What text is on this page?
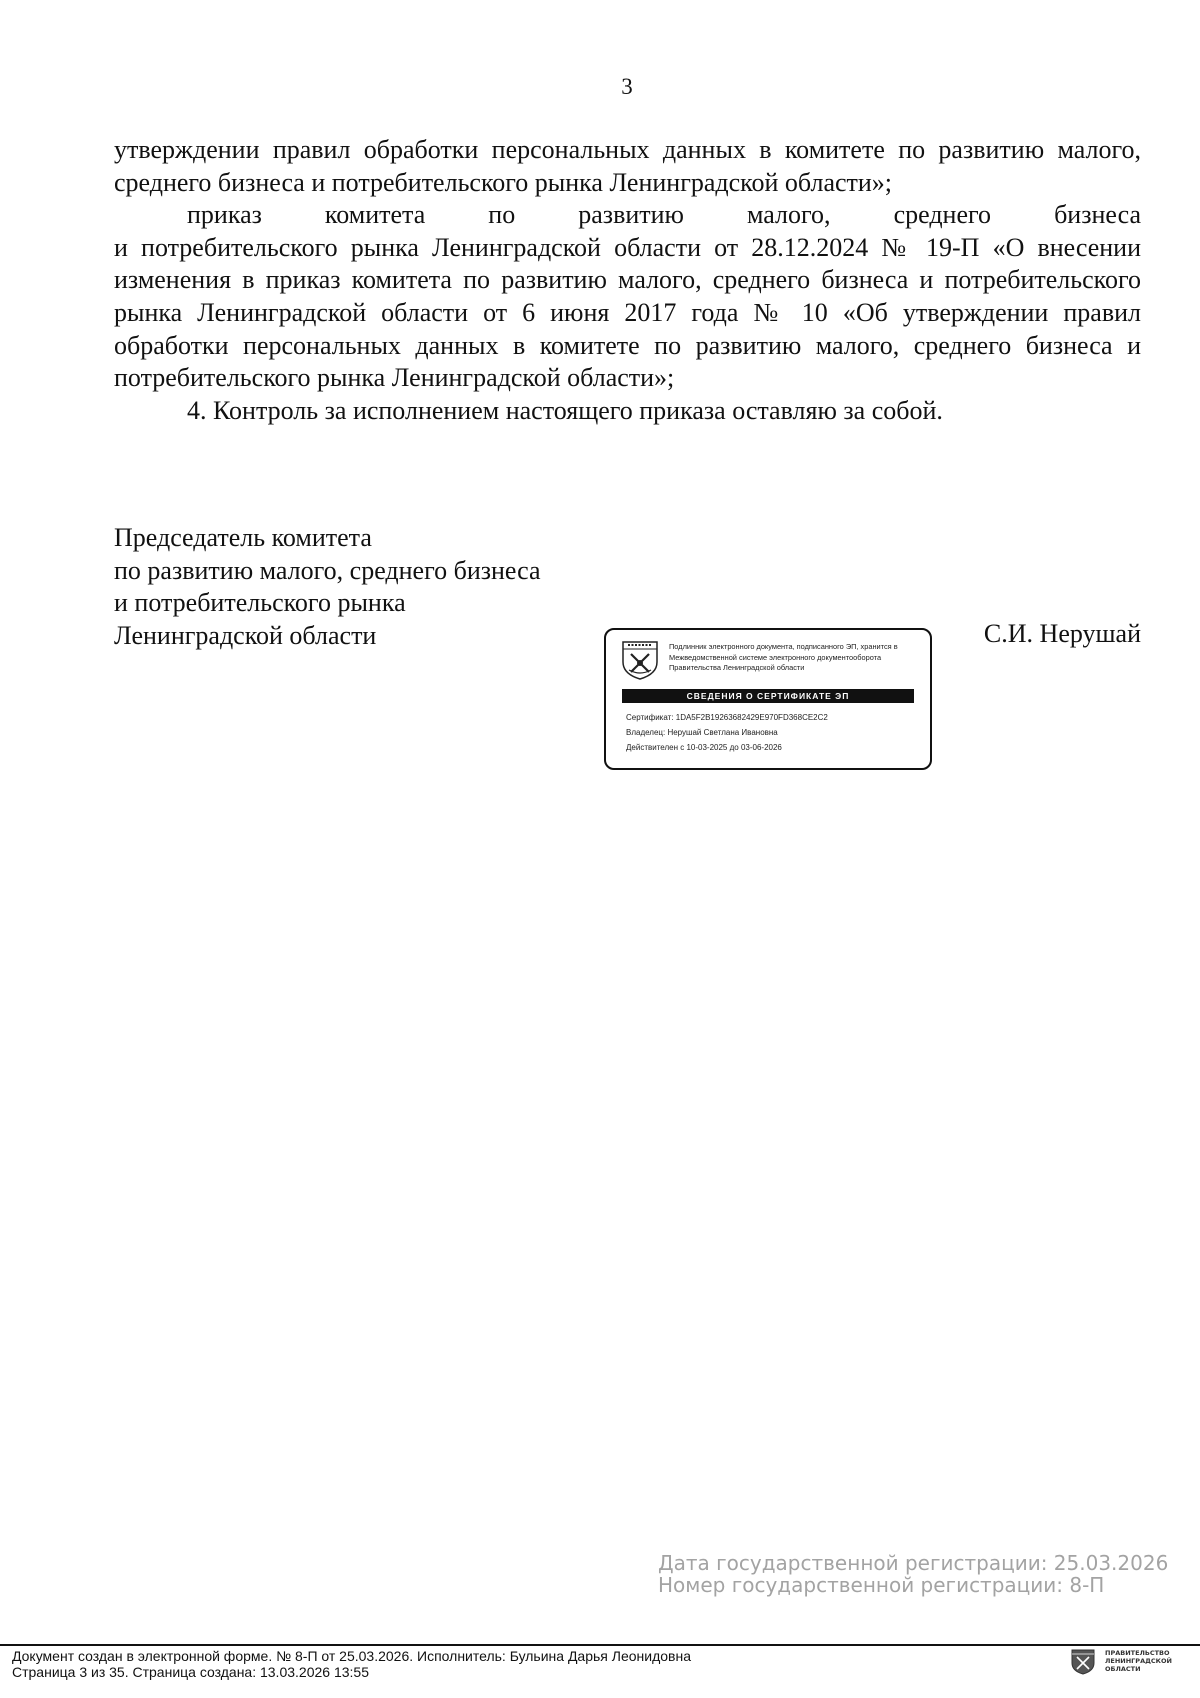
3

утверждении правил обработки персональных данных в комитете по развитию малого, среднего бизнеса и потребительского рынка Ленинградской области»;

приказ комитета по развитию малого, среднего бизнеса

и потребительского рынка Ленинградской области от 28.12.2024 № 19-П «О внесении изменения в приказ комитета по развитию малого, среднего бизнеса и потребительского рынка Ленинградской области от 6 июня 2017 года № 10 «Об утверждении правил обработки персональных данных в комитете по развитию малого, среднего бизнеса и потребительского рынка Ленинградской области»;

4. Контроль за исполнением настоящего приказа оставляю за собой.

Председатель комитета
по развитию малого, среднего бизнеса
и потребительского рынка
Ленинградской области	С.И. Нерушай
Подлинник электронного документа, подписанного ЭП, хранится в Межведомственной системе электронного документооборота Правительства Ленинградской области
СВЕДЕНИЯ О СЕРТИФИКАТЕ ЭП
Сертификат: 1DA5F2B19263682429E970FD368CE2C2
Владелец: Нерушай Светлана Ивановна
Действителен с 10-03-2025 до 03-06-2026
Дата государственной регистрации: 25.03.2026
Номер государственной регистрации: 8-П
Документ создан в электронной форме. № 8-П от 25.03.2026. Исполнитель: Бульина Дарья Леонидовна
Страница 3 из 35. Страница создана: 13.03.2026 13:55
ПРАВИТЕЛЬСТВО
ЛЕНИНГРАДСКОЙ
ОБЛАСТИ
